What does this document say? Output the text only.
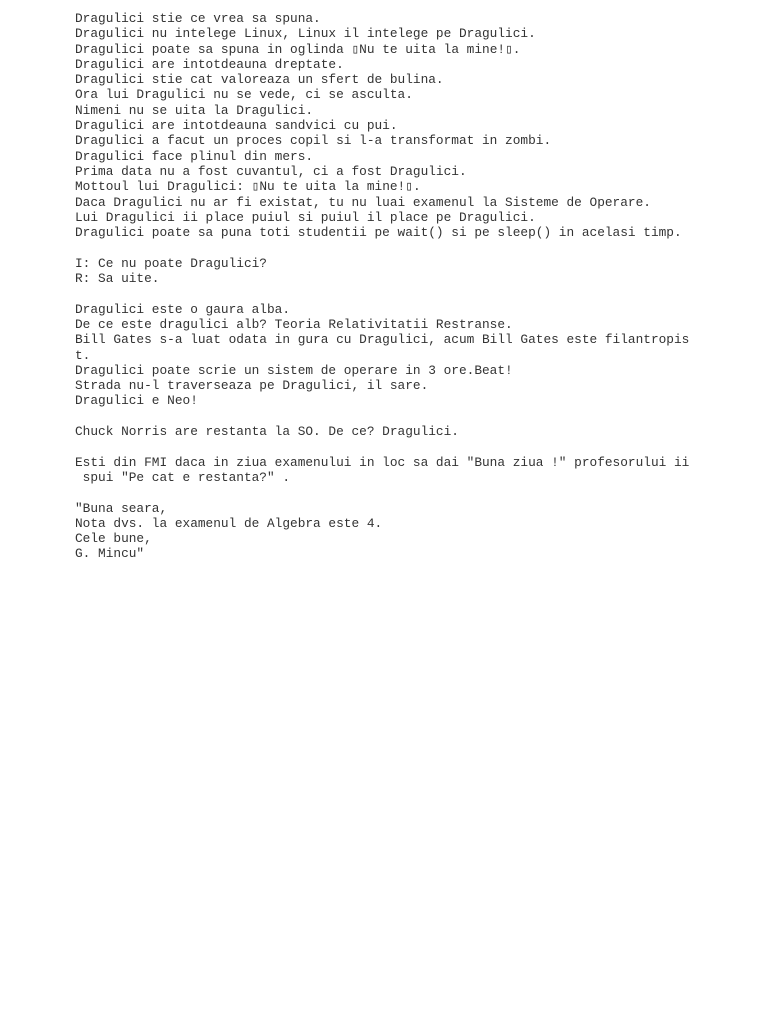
Dragulici stie ce vrea sa spuna.
Dragulici nu intelege Linux, Linux il intelege pe Dragulici.
Dragulici poate sa spuna in oglinda ▯Nu te uita la mine!▯.
Dragulici are intotdeauna dreptate.
Dragulici stie cat valoreaza un sfert de bulina.
Ora lui Dragulici nu se vede, ci se asculta.
Nimeni nu se uita la Dragulici.
Dragulici are intotdeauna sandvici cu pui.
Dragulici a facut un proces copil si l-a transformat in zombi.
Dragulici face plinul din mers.
Prima data nu a fost cuvantul, ci a fost Dragulici.
Mottoul lui Dragulici: ▯Nu te uita la mine!▯.
Daca Dragulici nu ar fi existat, tu nu luai examenul la Sisteme de Operare.
Lui Dragulici ii place puiul si puiul il place pe Dragulici.
Dragulici poate sa puna toti studentii pe wait() si pe sleep() in acelasi timp.
I: Ce nu poate Dragulici?
R: Sa uite.
Dragulici este o gaura alba.
De ce este dragulici alb? Teoria Relativitatii Restranse.
Bill Gates s-a luat odata in gura cu Dragulici, acum Bill Gates este filantropis
t.
Dragulici poate scrie un sistem de operare in 3 ore.Beat!
Strada nu-l traverseaza pe Dragulici, il sare.
Dragulici e Neo!
Chuck Norris are restanta la SO. De ce? Dragulici.
Esti din FMI daca in ziua examenului in loc sa dai "Buna ziua !" profesorului ii
spui "Pe cat e restanta?" .
"Buna seara,
Nota dvs. la examenul de Algebra este 4.
Cele bune,
G. Mincu"
